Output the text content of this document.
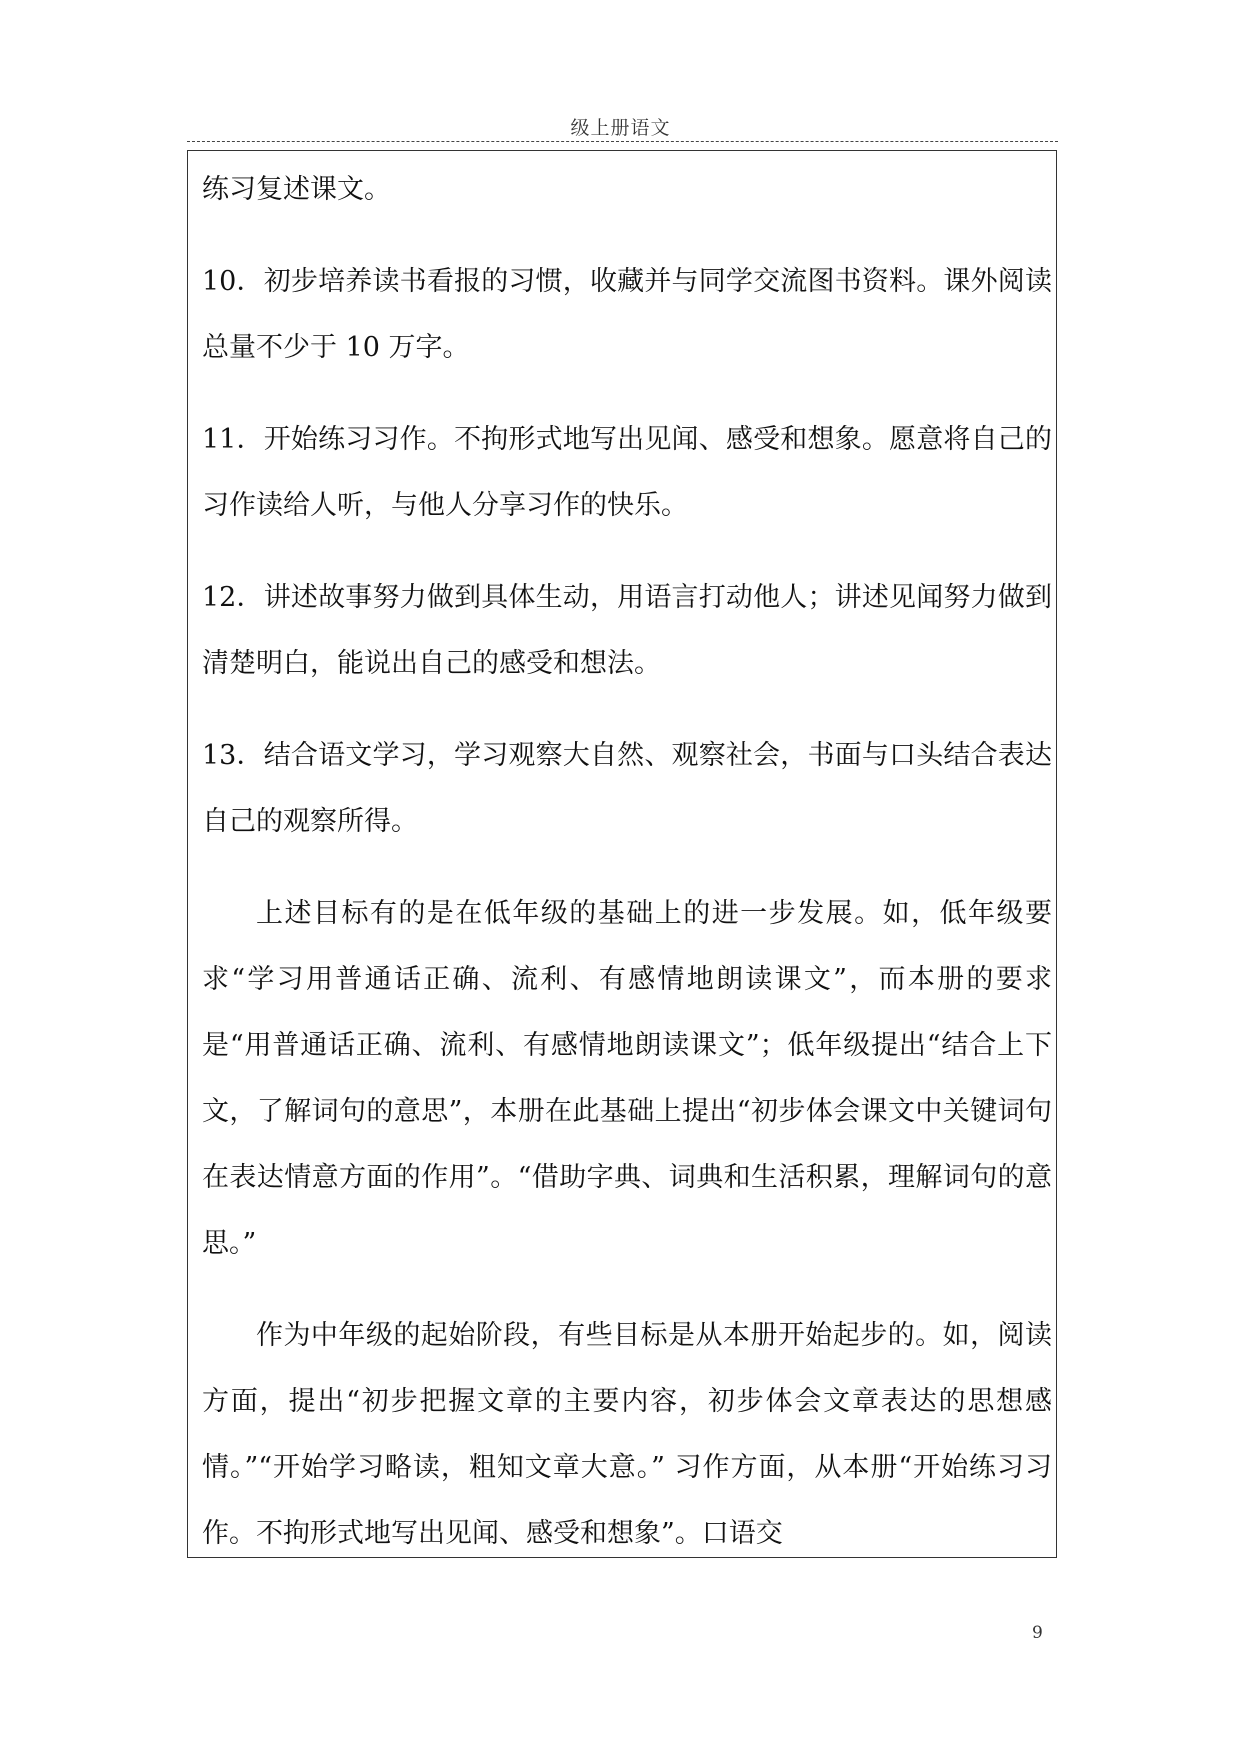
级上册语文

练习复述课文。

10．初步培养读书看报的习惯，收藏并与同学交流图书资料。课外阅读总量不少于 10 万字。

11．开始练习习作。不拘形式地写出见闻、感受和想象。愿意将自己的习作读给人听，与他人分享习作的快乐。

12．讲述故事努力做到具体生动，用语言打动他人；讲述见闻努力做到清楚明白，能说出自己的感受和想法。

13．结合语文学习，学习观察大自然、观察社会，书面与口头结合表达自己的观察所得。

上述目标有的是在低年级的基础上的进一步发展。如，低年级要求“学习用普通话正确、流利、有感情地朗读课文”，而本册的要求是“用普通话正确、流利、有感情地朗读课文”；低年级提出“结合上下文，了解词句的意思”，本册在此基础上提出“初步体会课文中关键词句在表达情意方面的作用”。“借助字典、词典和生活积累，理解词句的意思。”

作为中年级的起始阶段，有些目标是从本册开始起步的。如，阅读方面，提出“初步把握文章的主要内容，初步体会文章表达的思想感情。”“开始学习略读，粗知文章大意。” 习作方面，从本册“开始练习习作。不拘形式地写出见闻、感受和想象”。口语交

9
